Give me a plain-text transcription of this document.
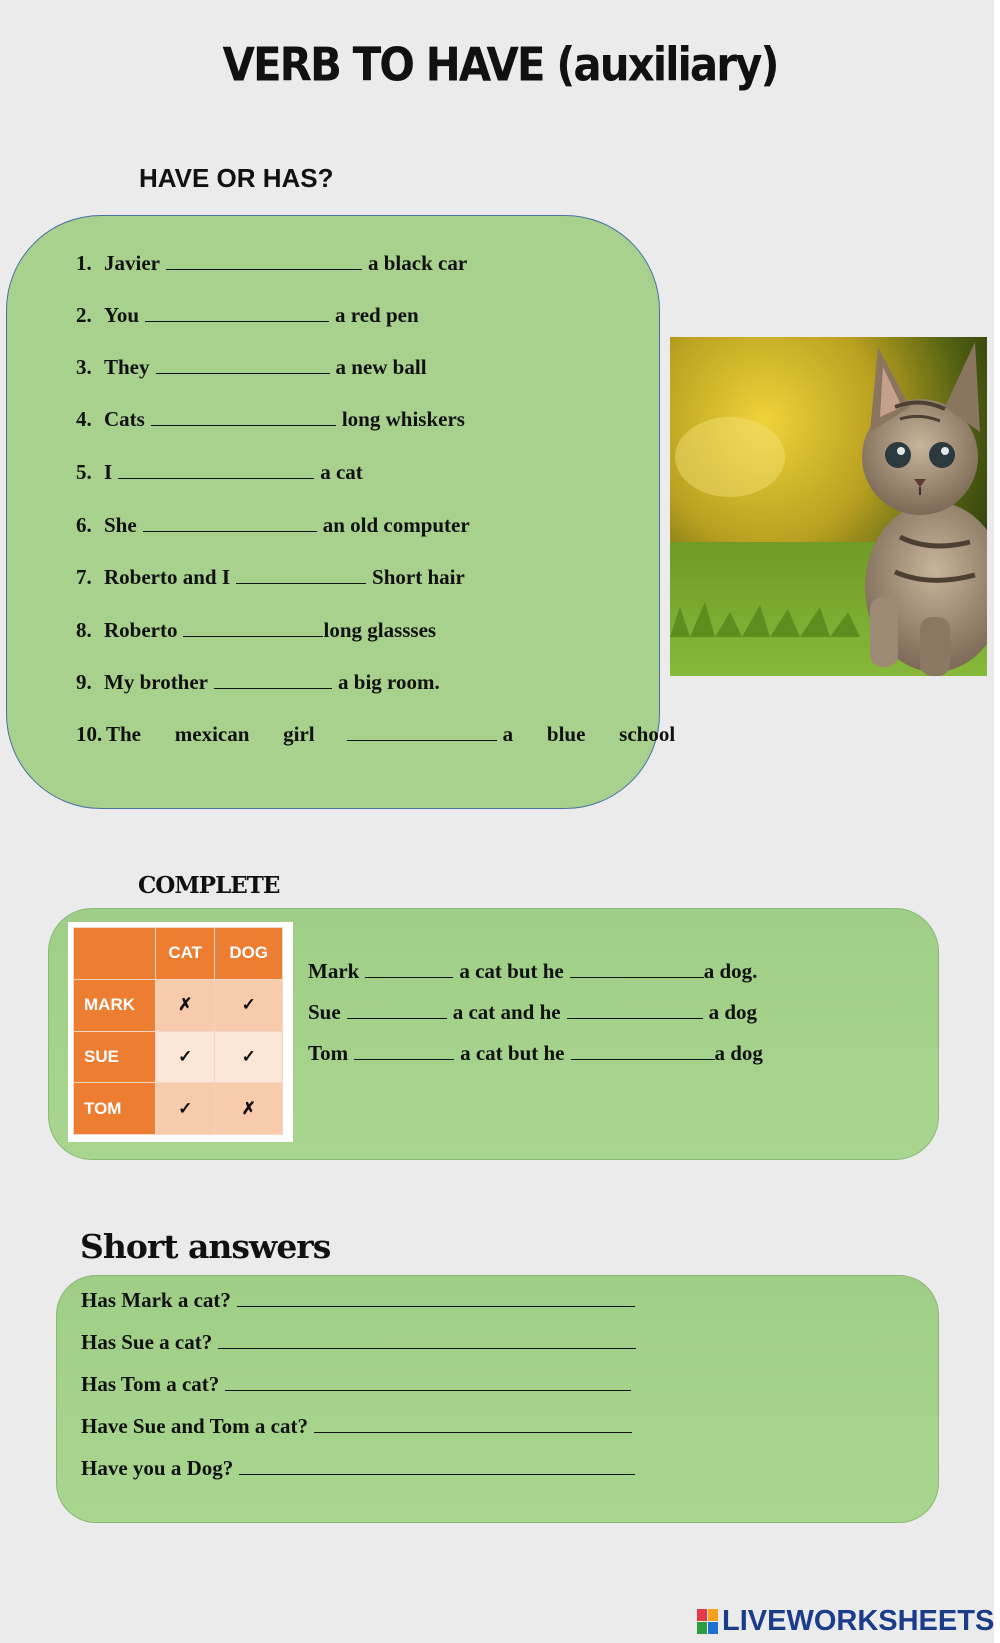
VERB TO HAVE (auxiliary)
HAVE OR HAS?
1. Javier	a black car
2. You	a red pen
3. They	a new ball
4. Cats	long whiskers
5. I	a cat
6. She	an old computer
7. Roberto and I	Short hair
8. Roberto	long glassses
9. My brother	a big room.
10. The   mexican   girl	a   blue   school
COMPLETE
	CAT	DOG
MARK	✗	✓
SUE	✓	✓
TOM	✓	✗
Mark	a cat but he	a dog.
Sue	a cat and he	a dog
Tom	a cat but he	a dog
Short answers
Has Mark a cat?
Has Sue a cat?
Has Tom a cat?
Have Sue and Tom a cat?
Have you a Dog?
LIVEWORKSHEETS
